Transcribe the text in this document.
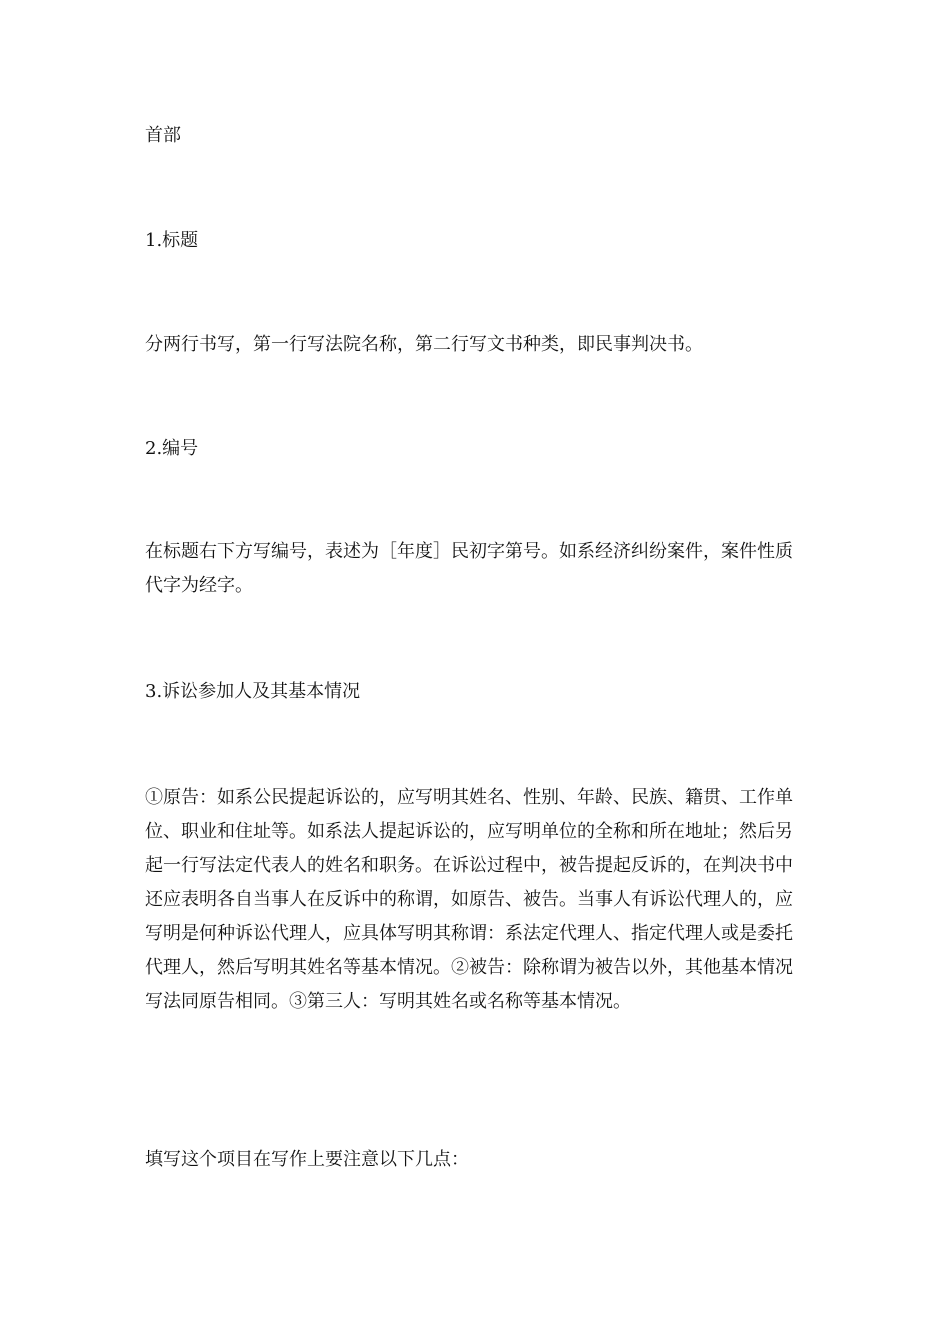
首部

1.标题

分两行书写，第一行写法院名称，第二行写文书种类，即民事判决书。

2.编号

在标题右下方写编号，表述为［年度］民初字第号。如系经济纠纷案件，案件性质代字为经字。

3.诉讼参加人及其基本情况

①原告：如系公民提起诉讼的，应写明其姓名、性别、年龄、民族、籍贯、工作单位、职业和住址等。如系法人提起诉讼的，应写明单位的全称和所在地址；然后另起一行写法定代表人的姓名和职务。在诉讼过程中，被告提起反诉的，在判决书中还应表明各自当事人在反诉中的称谓，如原告、被告。当事人有诉讼代理人的，应写明是何种诉讼代理人，应具体写明其称谓：系法定代理人、指定代理人或是委托代理人，然后写明其姓名等基本情况。②被告：除称谓为被告以外，其他基本情况写法同原告相同。③第三人：写明其姓名或名称等基本情况。

填写这个项目在写作上要注意以下几点：
